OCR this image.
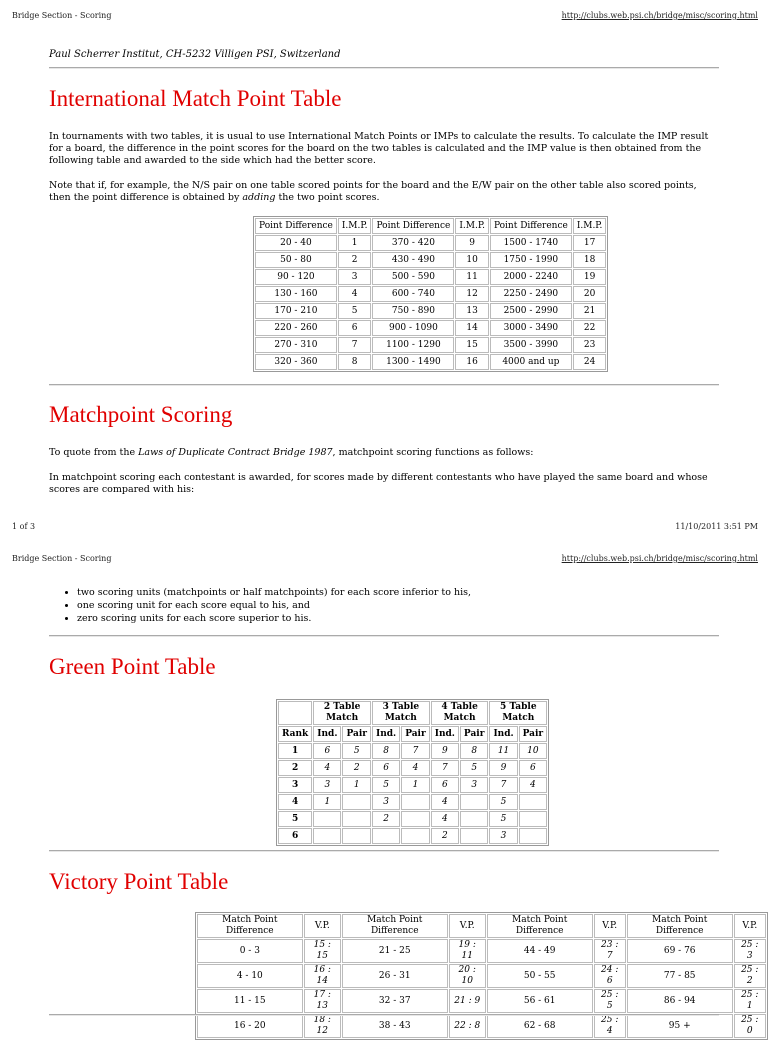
Bridge Section - Scoring	http://clubs.web.psi.ch/bridge/misc/scoring.html
Paul Scherrer Institut, CH-5232 Villigen PSI, Switzerland
International Match Point Table
In tournaments with two tables, it is usual to use International Match Points or IMPs to calculate the results. To calculate the IMP result for a board, the difference in the point scores for the board on the two tables is calculated and the IMP value is then obtained from the following table and awarded to the side which had the better score.
Note that if, for example, the N/S pair on one table scored points for the board and the E/W pair on the other table also scored points, then the point difference is obtained by adding the two point scores.
Point Difference	I.M.P.	Point Difference	I.M.P.	Point Difference	I.M.P.
20 - 40	1	370 - 420	9	1500 - 1740	17
50 - 80	2	430 - 490	10	1750 - 1990	18
90 - 120	3	500 - 590	11	2000 - 2240	19
130 - 160	4	600 - 740	12	2250 - 2490	20
170 - 210	5	750 - 890	13	2500 - 2990	21
220 - 260	6	900 - 1090	14	3000 - 3490	22
270 - 310	7	1100 - 1290	15	3500 - 3990	23
320 - 360	8	1300 - 1490	16	4000 and up	24
Matchpoint Scoring
To quote from the Laws of Duplicate Contract Bridge 1987, matchpoint scoring functions as follows:
In matchpoint scoring each contestant is awarded, for scores made by different contestants who have played the same board and whose scores are compared with his:
1 of 3	11/10/2011 3:51 PM
Bridge Section - Scoring	http://clubs.web.psi.ch/bridge/misc/scoring.html
• two scoring units (matchpoints or half matchpoints) for each score inferior to his,
• one scoring unit for each score equal to his, and
• zero scoring units for each score superior to his.
Green Point Table
	2 Table Match		3 Table Match		4 Table Match		5 Table Match	
Rank	Ind.	Pair	Ind.	Pair	Ind.	Pair	Ind.	Pair
1	6	5	8	7	9	8	11	10
2	4	2	6	4	7	5	9	6
3	3	1	5	1	6	3	7	4
4	1		3		4		5	
5			2		4		5	
6					2		3	
Victory Point Table
Match Point Difference	V.P.	Match Point Difference	V.P.	Match Point Difference	V.P.	Match Point Difference	V.P.
0 - 3	15 : 15	21 - 25	19 : 11	44 - 49	23 : 7	69 - 76	25 : 3
4 - 10	16 : 14	26 - 31	20 : 10	50 - 55	24 : 6	77 - 85	25 : 2
11 - 15	17 : 13	32 - 37	21 : 9	56 - 61	25 : 5	86 - 94	25 : 1
16 - 20	18 : 12	38 - 43	22 : 8	62 - 68	25 : 4	95 +	25 : 0
